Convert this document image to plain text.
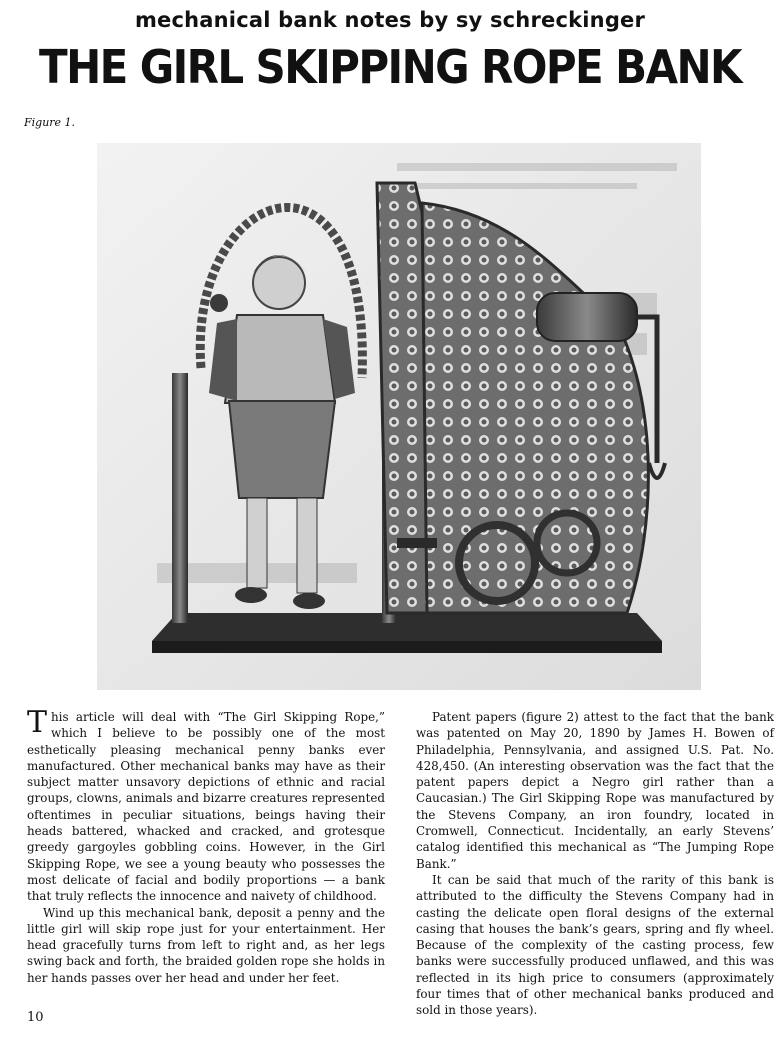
mechanical bank notes by sy schreckinger
THE GIRL SKIPPING ROPE BANK
Figure 1.

This article will deal with “The Girl Skipping Rope,” which I believe to be possibly one of the most esthetically pleasing mechanical penny banks ever manufactured. Other mechanical banks may have as their subject matter unsavory depictions of ethnic and racial groups, clowns, animals and bizarre creatures represented oftentimes in peculiar situations, beings having their heads battered, whacked and cracked, and grotesque greedy gargoyles gobbling coins. However, in the Girl Skipping Rope, we see a young beauty who possesses the most delicate of facial and bodily proportions — a bank that truly reflects the innocence and naivety of childhood.

Wind up this mechanical bank, deposit a penny and the little girl will skip rope just for your entertainment. Her head gracefully turns from left to right and, as her legs swing back and forth, the braided golden rope she holds in her hands passes over her head and under her feet.

Patent papers (figure 2) attest to the fact that the bank was patented on May 20, 1890 by James H. Bowen of Philadelphia, Pennsylvania, and assigned U.S. Pat. No. 428,450. (An interesting observation was the fact that the patent papers depict a Negro girl rather than a Caucasian.) The Girl Skipping Rope was manufactured by the Stevens Company, an iron foundry, located in Cromwell, Connecticut. Incidentally, an early Stevens’ catalog identified this mechanical as “The Jumping Rope Bank.”

It can be said that much of the rarity of this bank is attributed to the difficulty the Stevens Company had in casting the delicate open floral designs of the external casing that houses the bank’s gears, spring and fly wheel. Because of the complexity of the casting process, few banks were successfully produced unflawed, and this was reflected in its high price to consumers (approximately four times that of other mechanical banks produced and sold in those years).

10
